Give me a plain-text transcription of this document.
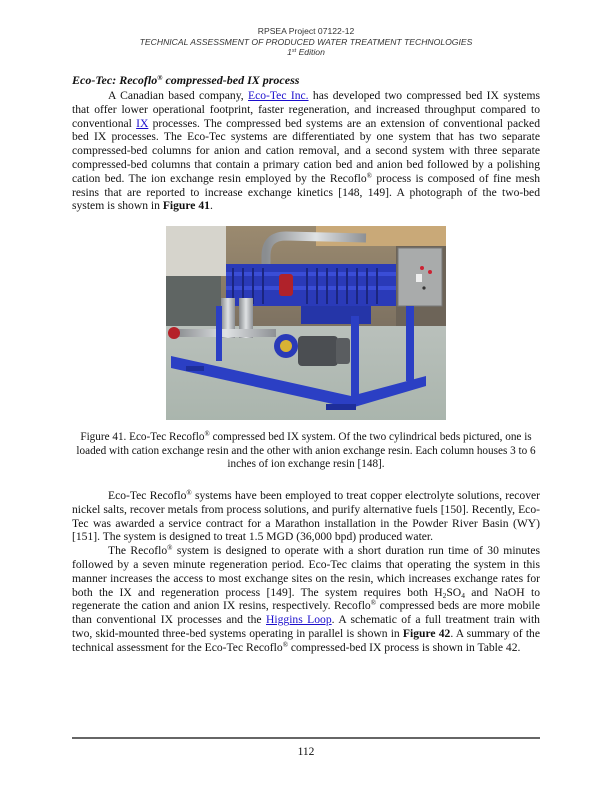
RPSEA Project 07122-12
TECHNICAL ASSESSMENT OF PRODUCED WATER TREATMENT TECHNOLOGIES
1st Edition
Eco-Tec: Recoflo® compressed-bed IX process

A Canadian based company, Eco-Tec Inc. has developed two compressed bed IX systems that offer lower operational footprint, faster regeneration, and increased throughput compared to conventional IX processes. The compressed bed systems are an extension of conventional packed bed IX processes. The Eco-Tec systems are differentiated by one system that has two separate compressed-bed columns for anion and cation removal, and a second system with three separate compressed-bed columns that contain a primary cation bed and anion bed followed by a polishing cation bed. The ion exchange resin employed by the Recoflo® process is composed of fine mesh resins that are reported to increase exchange kinetics [148, 149]. A photograph of the two-bed system is shown in Figure 41.

Figure 41. Eco-Tec Recoflo® compressed bed IX system. Of the two cylindrical beds pictured, one is loaded with cation exchange resin and the other with anion exchange resin. Each column houses 3 to 6 inches of ion exchange resin [148].

Eco-Tec Recoflo® systems have been employed to treat copper electrolyte solutions, recover nickel salts, recover metals from process solutions, and purify alternative fuels [150]. Recently, Eco-Tec was awarded a service contract for a Marathon installation in the Powder River Basin (WY) [151]. The system is designed to treat 1.5 MGD (36,000 bpd) produced water.

The Recoflo® system is designed to operate with a short duration run time of 30 minutes followed by a seven minute regeneration period. Eco-Tec claims that operating the system in this manner increases the access to most exchange sites on the resin, which increases exchange rates for both the IX and regeneration process [149]. The system requires both $H_2SO_4$ and NaOH to regenerate the cation and anion IX resins, respectively. Recoflo® compressed beds are more mobile than conventional IX processes and the Higgins Loop. A schematic of a full treatment train with two, skid-mounted three-bed systems operating in parallel is shown in Figure 42. A summary of the technical assessment for the Eco-Tec Recoflo® compressed-bed IX process is shown in Table 42.

112
